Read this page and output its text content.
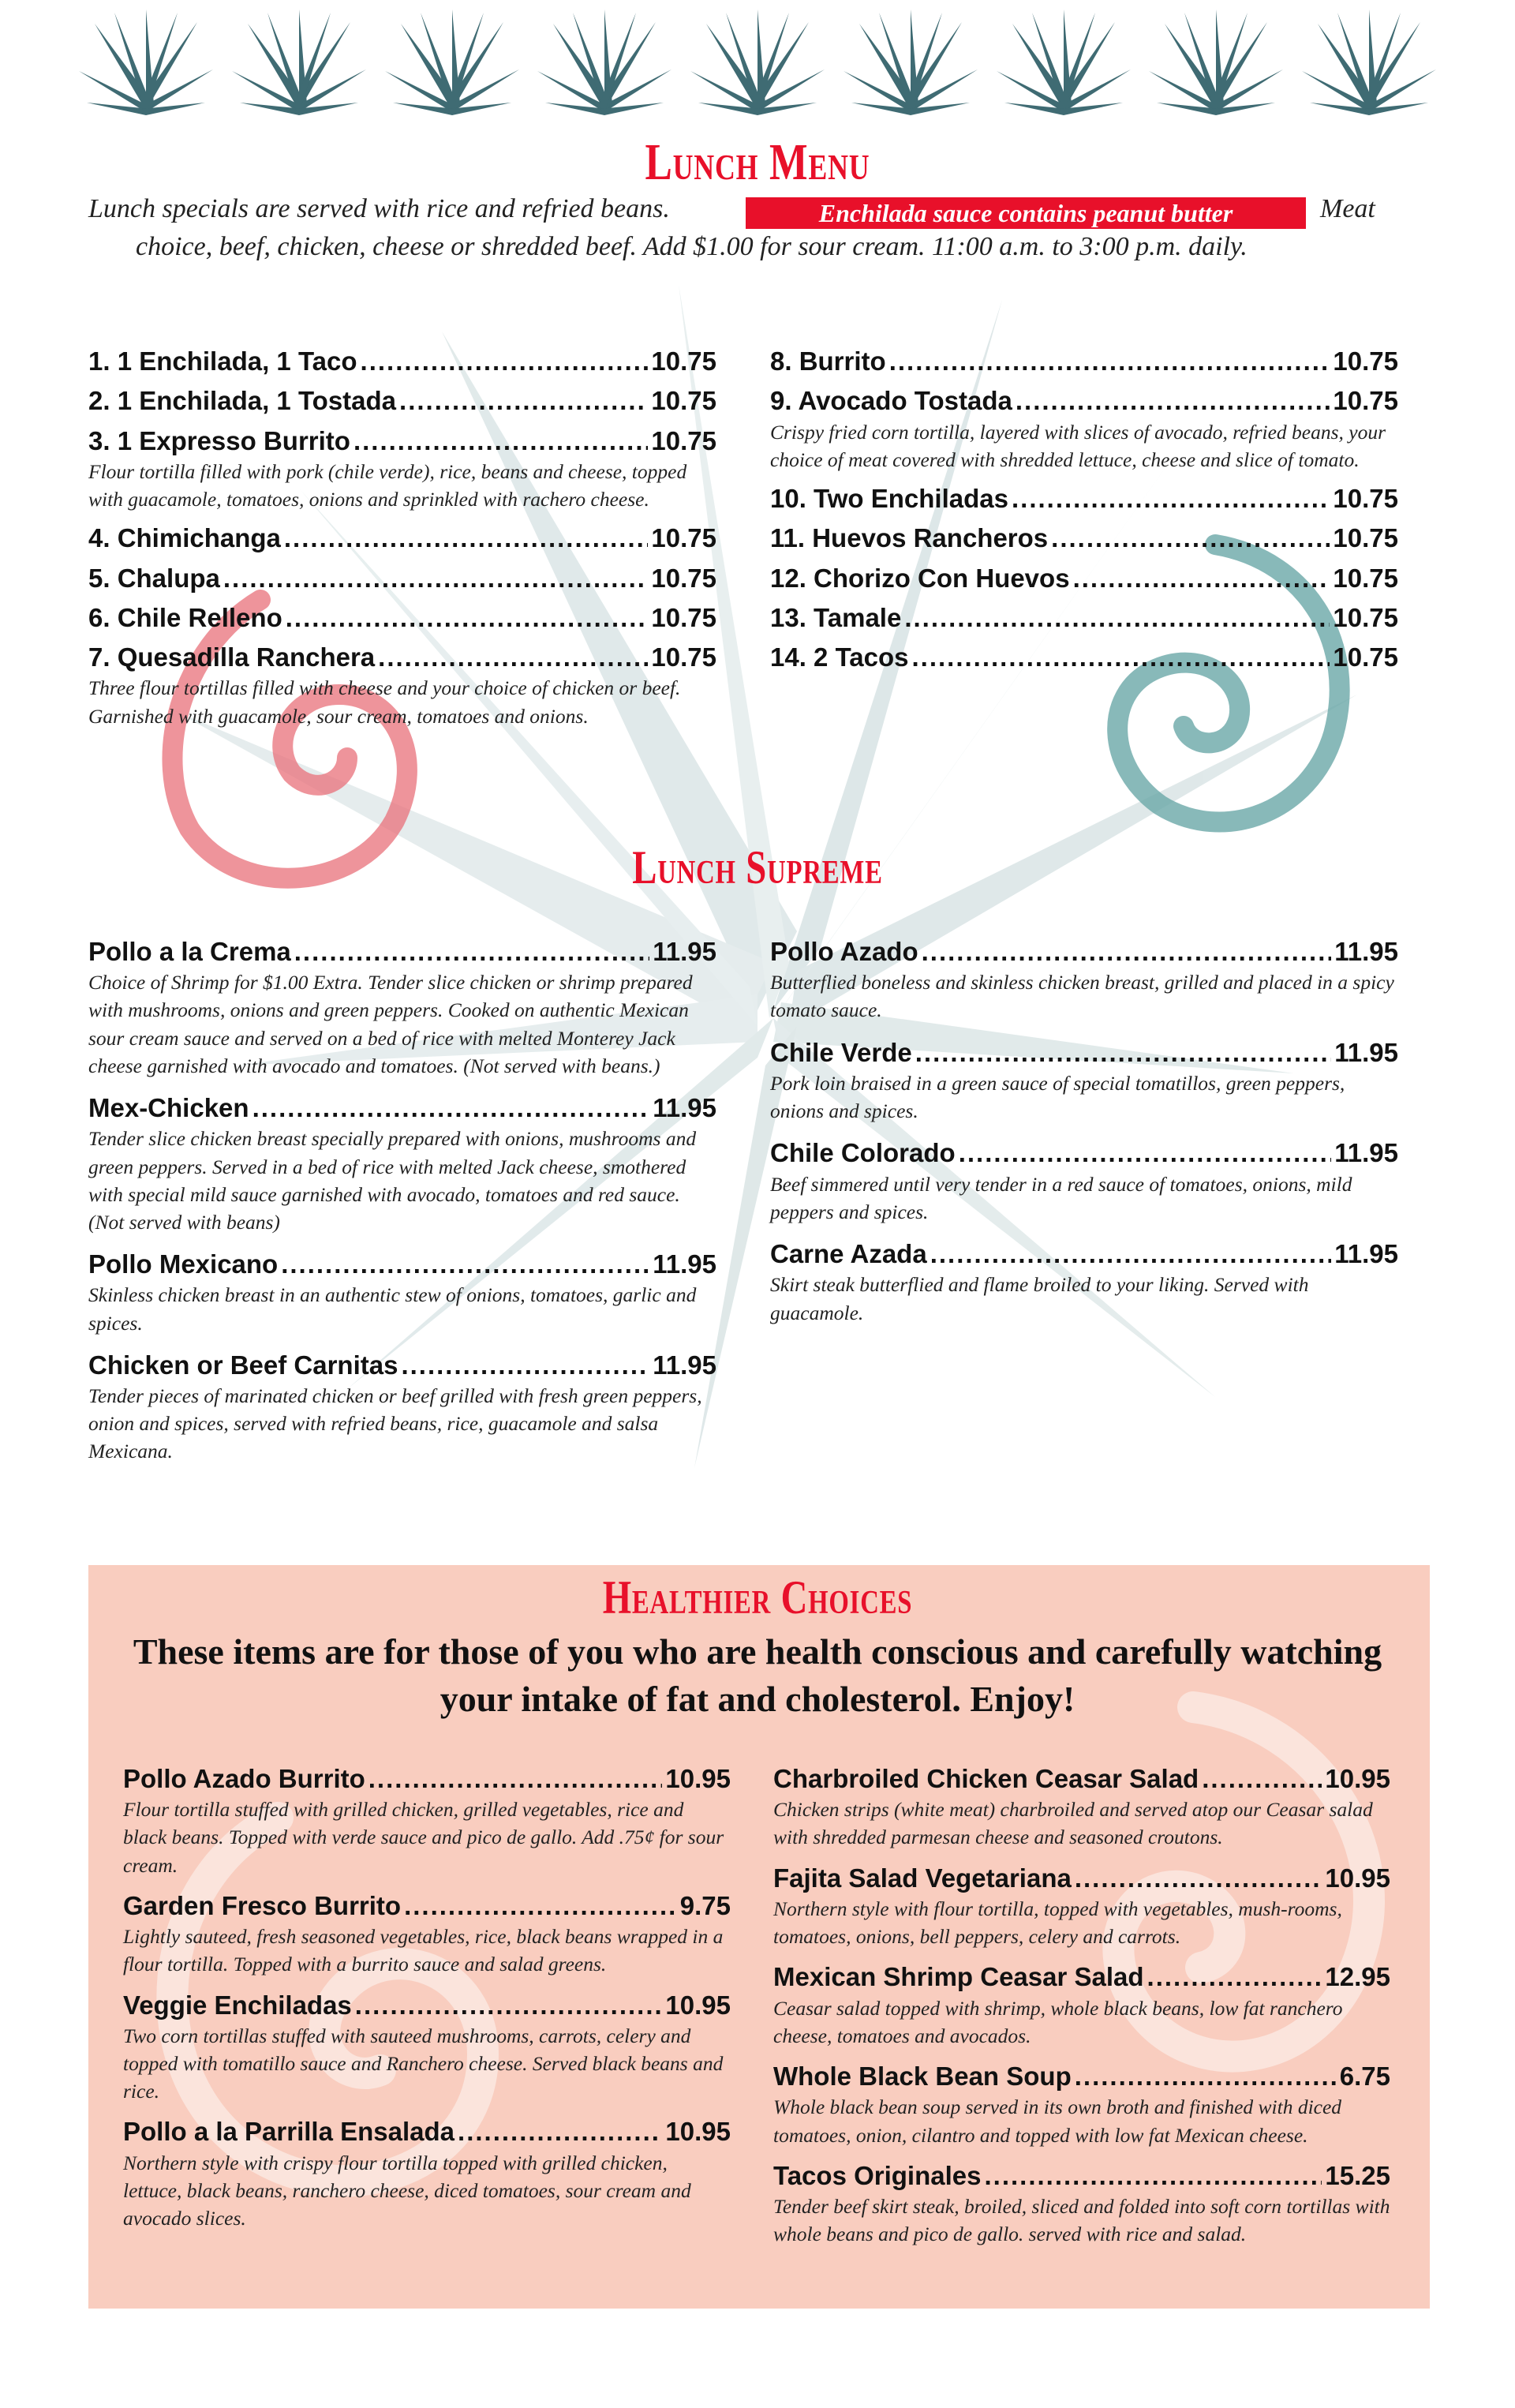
Lunch Menu
Lunch specials are served with rice and refried beans.	Enchilada sauce contains peanut butter	Meat
choice, beef, chicken, cheese or shredded beef. Add $1.00 for sour cream. 11:00 a.m. to 3:00 p.m. daily.
1. 1 Enchilada, 1 Taco .....	10.75
2. 1 Enchilada, 1 Tostada .....	10.75
3. 1 Expresso Burrito .....	10.75
Flour tortilla filled with pork (chile verde), rice, beans and cheese, topped with guacamole, tomatoes, onions and sprinkled with rachero cheese.
4. Chimichanga .....	10.75
5. Chalupa .....	10.75
6. Chile Relleno .....	10.75
7. Quesadilla Ranchera .....	10.75
Three flour tortillas filled with cheese and your choice of chicken or beef. Garnished with guacamole, sour cream, tomatoes and onions.
8. Burrito .....	10.75
9. Avocado Tostada .....	10.75
Crispy fried corn tortilla, layered with slices of avocado, refried beans, your choice of meat covered with shredded lettuce, cheese and slice of tomato.
10. Two Enchiladas .....	10.75
11. Huevos Rancheros .....	10.75
12. Chorizo Con Huevos .....	10.75
13. Tamale .....	10.75
14. 2 Tacos .....	10.75
Lunch Supreme
Pollo a la Crema .....	11.95
Choice of Shrimp for $1.00 Extra. Tender slice chicken or shrimp prepared with mushrooms, onions and green peppers. Cooked on authentic Mexican sour cream sauce and served on a bed of rice with melted Monterey Jack cheese garnished with avocado and tomatoes. (Not served with beans.)
Mex-Chicken .....	11.95
Tender slice chicken breast specially prepared with onions, mushrooms and green peppers. Served in a bed of rice with melted Jack cheese, smothered with special mild sauce garnished with avocado, tomatoes and red sauce. (Not served with beans)
Pollo Mexicano .....	11.95
Skinless chicken breast in an authentic stew of onions, tomatoes, garlic and spices.
Chicken or Beef Carnitas .....	11.95
Tender pieces of marinated chicken or beef grilled with fresh green peppers, onion and spices, served with refried beans, rice, guacamole and salsa Mexicana.
Pollo Azado .....	11.95
Butterflied boneless and skinless chicken breast, grilled and placed in a spicy tomato sauce.
Chile Verde .....	11.95
Pork loin braised in a green sauce of special tomatillos, green peppers, onions and spices.
Chile Colorado .....	11.95
Beef simmered until very tender in a red sauce of tomatoes, onions, mild peppers and spices.
Carne Azada .....	11.95
Skirt steak butterflied and flame broiled to your liking. Served with guacamole.
Healthier Choices
These items are for those of you who are health conscious and carefully watching your intake of fat and cholesterol. Enjoy!
Pollo Azado Burrito .....	10.95
Flour tortilla stuffed with grilled chicken, grilled vegetables, rice and black beans. Topped with verde sauce and pico de gallo. Add .75¢ for sour cream.
Garden Fresco Burrito .....	9.75
Lightly sauteed, fresh seasoned vegetables, rice, black beans wrapped in a flour tortilla. Topped with a burrito sauce and salad greens.
Veggie Enchiladas .....	10.95
Two corn tortillas stuffed with sauteed mushrooms, carrots, celery and topped with tomatillo sauce and Ranchero cheese. Served black beans and rice.
Pollo a la Parrilla Ensalada .....	10.95
Northern style with crispy flour tortilla topped with grilled chicken, lettuce, black beans, ranchero cheese, diced tomatoes, sour cream and avocado slices.
Charbroiled Chicken Ceasar Salad .....	10.95
Chicken strips (white meat) charbroiled and served atop our Ceasar salad with shredded parmesan cheese and seasoned croutons.
Fajita Salad Vegetariana .....	10.95
Northern style with flour tortilla, topped with vegetables, mush-rooms, tomatoes, onions, bell peppers, celery and carrots.
Mexican Shrimp Ceasar Salad .....	12.95
Ceasar salad topped with shrimp, whole black beans, low fat ranchero cheese, tomatoes and avocados.
Whole Black Bean Soup .....	6.75
Whole black bean soup served in its own broth and finished with diced tomatoes, onion, cilantro and topped with low fat Mexican cheese.
Tacos Originales .....	15.25
Tender beef skirt steak, broiled, sliced and folded into soft corn tortillas with whole beans and pico de gallo. served with rice and salad.
